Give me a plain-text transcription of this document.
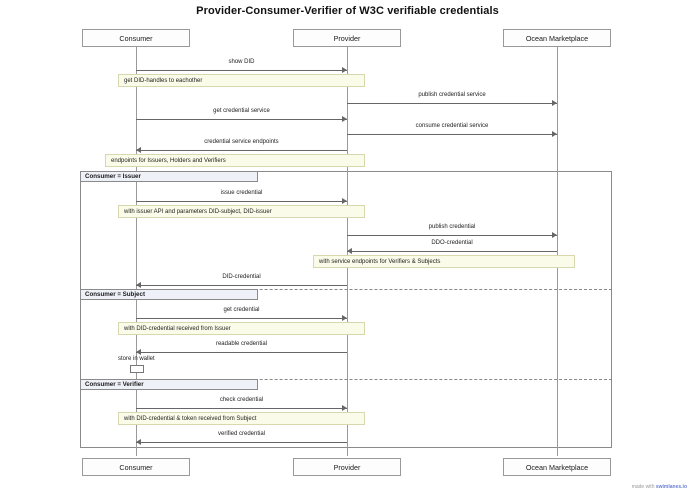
Provider-Consumer-Verifier of W3C verifiable credentials
Consumer	Provider	Ocean Marketplace
Consumer	Provider	Ocean Marketplace
show DID
get DID-handles to eachother
publish credential service
get credential service
consume credential service
credential service endpoints
endpoints for Issuers, Holders and Verifiers
Consumer = Issuer
issue credential
with issuer API and parameters DID-subject, DID-issuer
publish credential
DDO-credential
with service endpoints for Verifiers & Subjects
DID-credential
Consumer = Subject
get credential
with DID-credential received from Issuer
readable credential
store in wallet
Consumer = Verifier
check credential
with DID-credential & token received from Subject
verified credential
made with swimlanes.io
